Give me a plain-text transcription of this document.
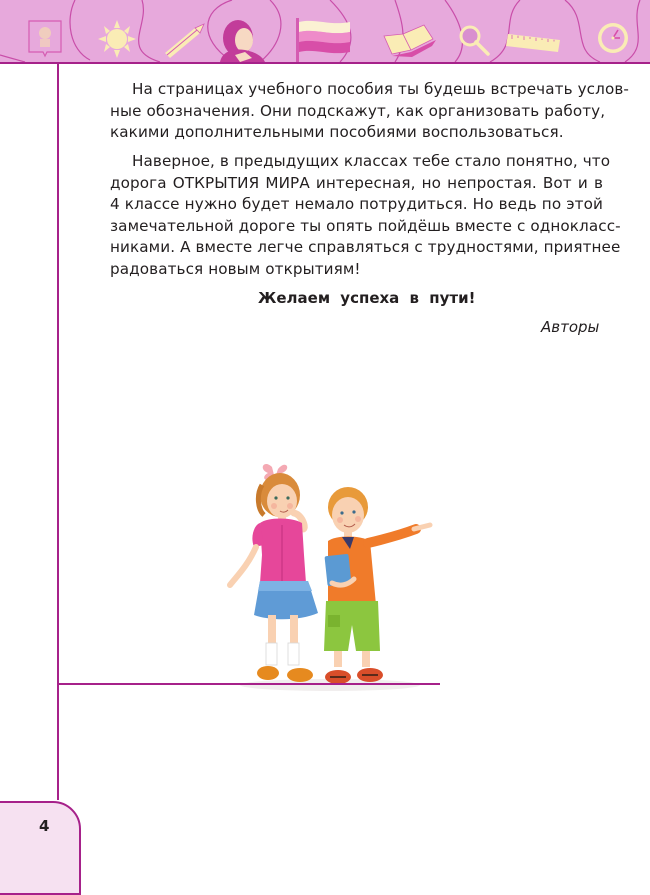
На страницах учебного пособия ты будешь встречать услов-
ные обозначения. Они подскажут, как организовать работу,
какими дополнительными пособиями воспользоваться.
Наверное, в предыдущих классах тебе стало понятно, что
дорога ОТКРЫТИЯ МИРА интересная, но непростая. Вот и в
4 классе нужно будет немало потрудиться. Но ведь по этой
замечательной дороге ты опять пойдёшь вместе с однокласс-
никами. А вместе легче справляться с трудностями, приятнее
радоваться новым открытиям!
Желаем успеха в пути!
Авторы
4
